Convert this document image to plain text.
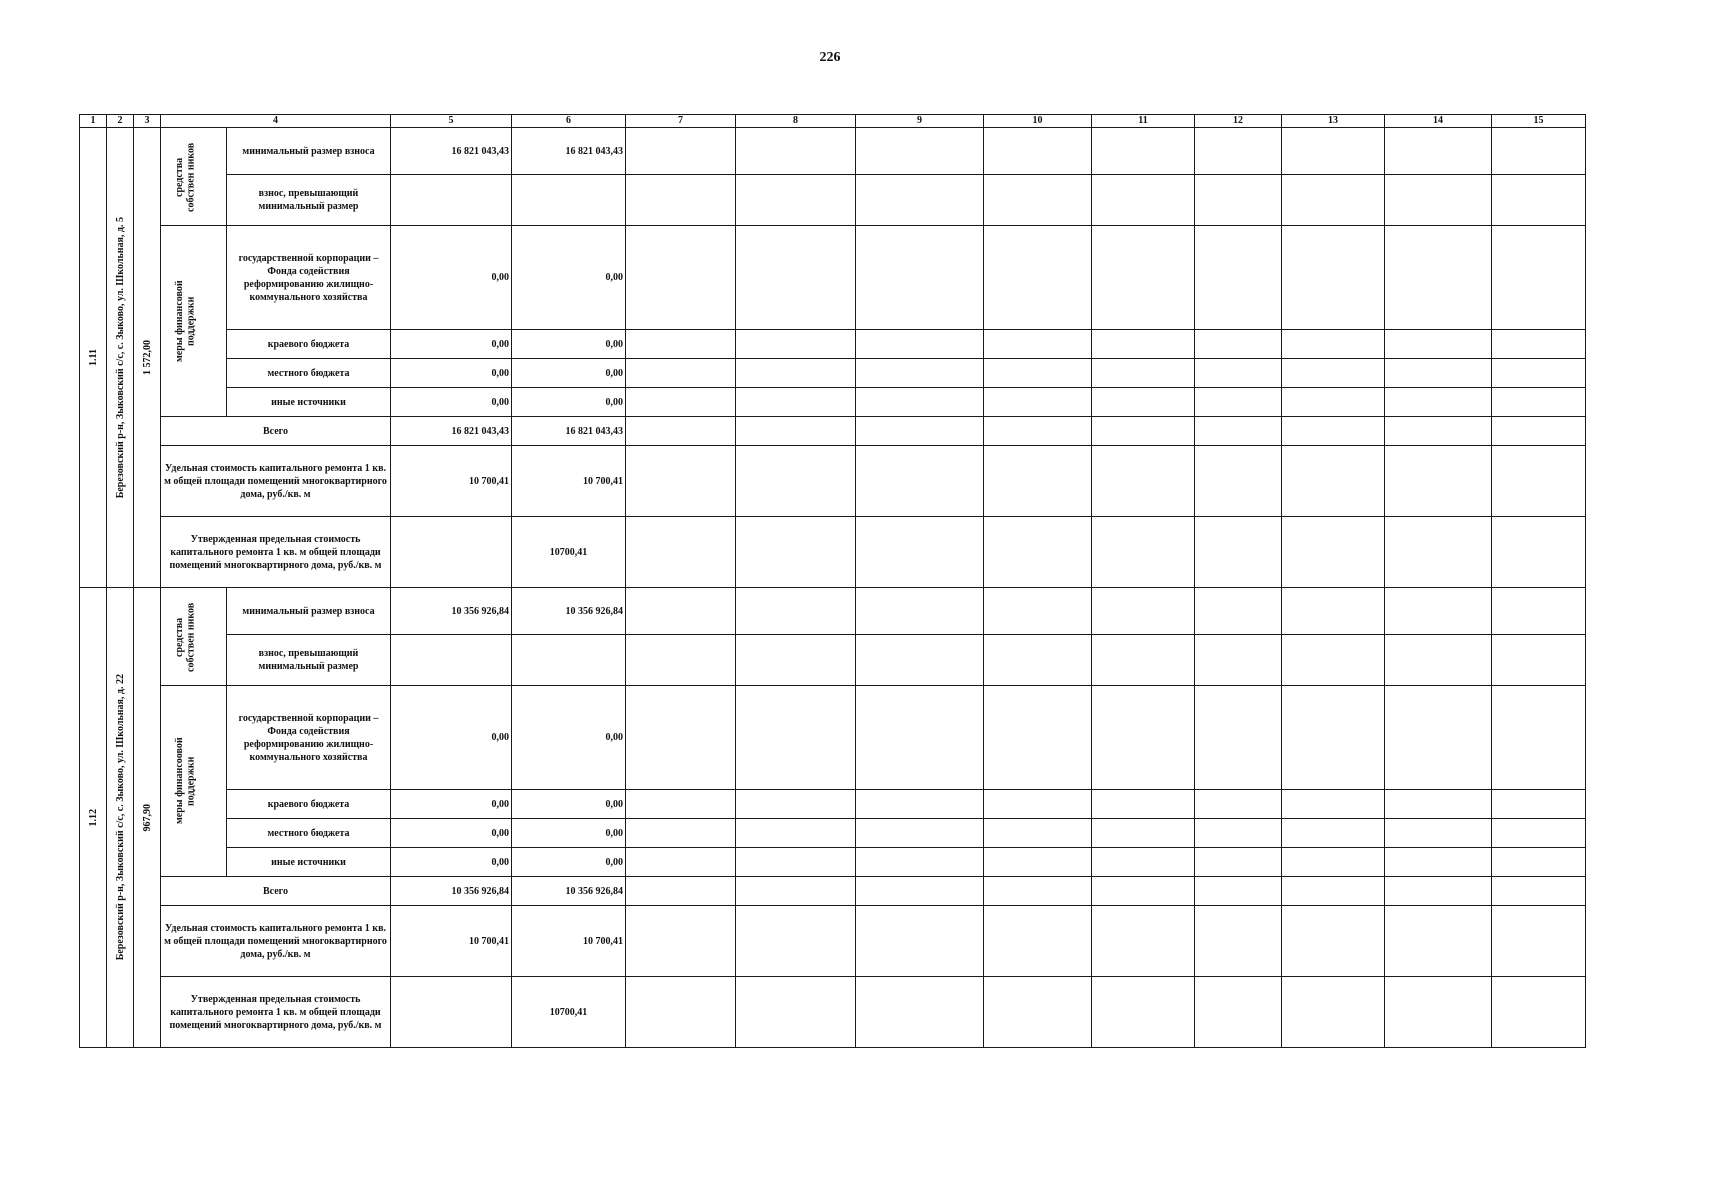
226
1	2	3	4		5	6	7	8	9	10	11	12	13	14	15

1.11	Березовский р-н, Зыковский с/с, с. Зыково, ул. Школьная, д. 5	1 572,00	средства собствен ников	минимальный размер взноса	16 821 043,43	16 821 043,43									
				взнос, превышающий минимальный размер											

			меры финансовой поддержки	государственной корпорации – Фонда содействия реформированию жилищно-коммунального хозяйства	0,00	0,00									
				краевого бюджета	0,00	0,00									
				местного бюджета	0,00	0,00									
				иные источники	0,00	0,00									
			Всего		16 821 043,43	16 821 043,43									
			Удельная стоимость капитального ремонта 1 кв. м общей площади помещений многоквартирного дома, руб./кв. м		10 700,41	10 700,41									
			Утвержденная предельная стоимость капитального ремонта 1 кв. м общей площади помещений многоквартирного дома, руб./кв. м			10700,41									

1.12	Березовский р-н, Зыковский с/с, с. Зыково, ул. Школьная, д. 22	967,90	средства собствен ников	минимальный размер взноса	10 356 926,84	10 356 926,84									
				взнос, превышающий минимальный размер											

			меры финансоовой поддержки	государственной корпорации – Фонда содействия реформированию жилищно-коммунального хозяйства	0,00	0,00									
				краевого бюджета	0,00	0,00									
				местного бюджета	0,00	0,00									
				иные источники	0,00	0,00									
			Всего		10 356 926,84	10 356 926,84									
			Удельная стоимость капитального ремонта 1 кв. м общей площади помещений многоквартирного дома, руб./кв. м		10 700,41	10 700,41									
			Утвержденная предельная стоимость капитального ремонта 1 кв. м общей площади помещений многоквартирного дома, руб./кв. м			10700,41									
